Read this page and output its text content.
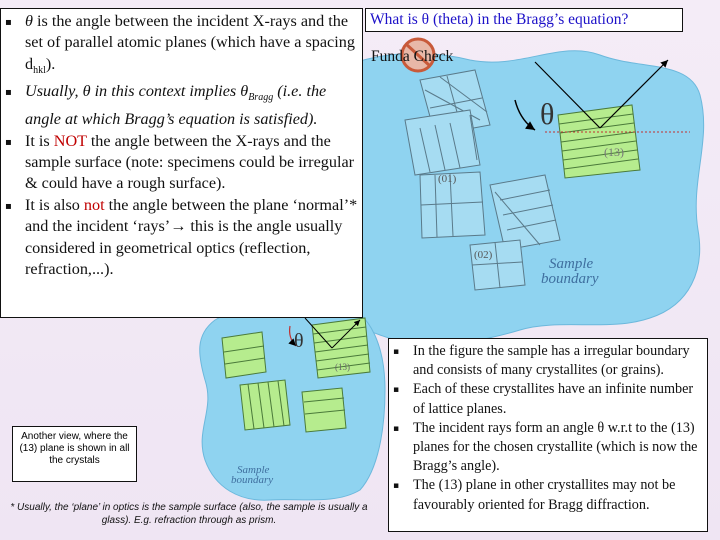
θ
(13)
(01)
(02)
Sample
boundary
θ
(13)
Sample
boundary
▪ θ is the angle between the incident X-rays and the set of parallel atomic planes (which have a spacing $d_{hkl}$).
▪ Usually, θ in this context implies $\theta_{Bragg}$ (i.e. the angle at which Bragg’s equation is satisfied).
▪ It is NOT the angle between the X-rays and the sample surface (note: specimens could be irregular & could have a rough surface).
▪ It is also not the angle between the plane ‘normal’* and the incident ‘rays’→ this is the angle usually considered in geometrical optics (reflection, refraction,...).
What is θ (theta) in the Bragg’s equation?
Funda Check
Another view, where the (13) plane is shown in all the crystals
* Usually, the ‘plane’ in optics is the sample surface (also, the sample is usually a glass). E.g. refraction through as prism.
▪ In the figure the sample has a irregular boundary and consists of many crystallites (or grains).
▪ Each of these crystallites have an infinite number of lattice planes.
▪ The incident rays form an angle θ w.r.t to the (13) planes for the chosen crystallite (which is now the Bragg’s angle).
▪ The (13) plane in other crystallites may not be favourably oriented for Bragg diffraction.
